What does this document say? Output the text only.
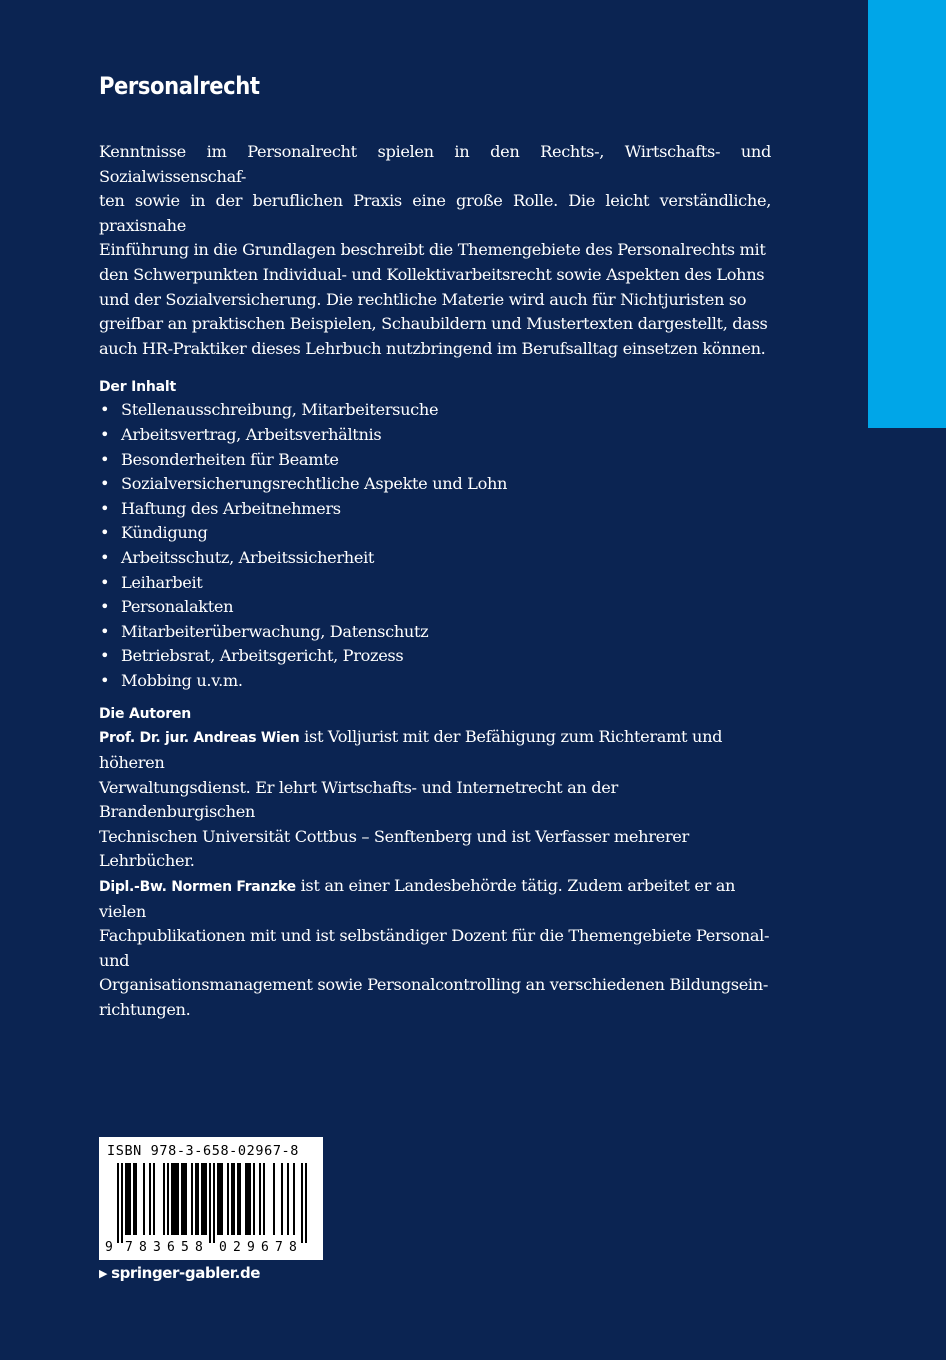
Personalrecht
Kenntnisse im Personalrecht spielen in den Rechts-, Wirtschafts- und Sozialwissenschaf-
ten sowie in der beruflichen Praxis eine große Rolle. Die leicht verständliche, praxisnahe
Einführung in die Grundlagen beschreibt die Themengebiete des Personalrechts mit
den Schwerpunkten Individual- und Kollektivarbeitsrecht sowie Aspekten des Lohns
und der Sozialversicherung. Die rechtliche Materie wird auch für Nichtjuristen so
greifbar an praktischen Beispielen, Schaubildern und Mustertexten dargestellt, dass
auch HR-Praktiker dieses Lehrbuch nutzbringend im Berufsalltag einsetzen können.
Der Inhalt
• Stellenausschreibung, Mitarbeitersuche
• Arbeitsvertrag, Arbeitsverhältnis
• Besonderheiten für Beamte
• Sozialversicherungsrechtliche Aspekte und Lohn
• Haftung des Arbeitnehmers
• Kündigung
• Arbeitsschutz, Arbeitssicherheit
• Leiharbeit
• Personalakten
• Mitarbeiterüberwachung, Datenschutz
• Betriebsrat, Arbeitsgericht, Prozess
• Mobbing u.v.m.
Die Autoren
Prof. Dr. jur. Andreas Wien ist Volljurist mit der Befähigung zum Richteramt und höheren
Verwaltungsdienst. Er lehrt Wirtschafts- und Internetrecht an der Brandenburgischen
Technischen Universität Cottbus – Senftenberg und ist Verfasser mehrerer Lehrbücher.
Dipl.-Bw. Normen Franzke ist an einer Landesbehörde tätig. Zudem arbeitet er an vielen
Fachpublikationen mit und ist selbständiger Dozent für die Themengebiete Personal- und
Organisationsmanagement sowie Personalcontrolling an verschiedenen Bildungsein-
richtungen.
ISBN 978-3-658-02967-8
9 7 8 3 6 5 8 0 2 9 6 7 8
▶ springer-gabler.de
